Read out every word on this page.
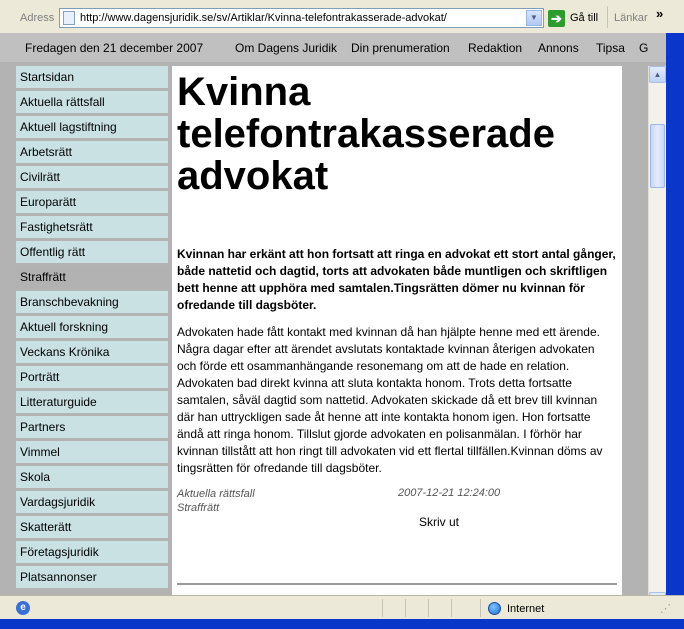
Adress http://www.dagensjuridik.se/sv/Artiklar/Kvinna-telefontrakasserade-advokat/	▼	➔ Gå till Länkar »
Fredagen den 21 december 2007	Om Dagens Juridik Din prenumeration Redaktion Annons Tipsa G
Startsidan
Aktuella rättsfall
Aktuell lagstiftning
Arbetsrätt
Civilrätt
Europarätt
Fastighetsrätt
Offentlig rätt
Straffrätt
Branschbevakning
Aktuell forskning
Veckans Krönika
Porträtt
Litteraturguide
Partners
Vimmel
Skola
Vardagsjuridik
Skatterätt
Företagsjuridik
Platsannonser
Kvinna telefontrakasserade advokat

Kvinnan har erkänt att hon fortsatt att ringa en advokat ett stort antal gånger, både nattetid och dagtid, torts att advokaten både muntligen och skriftligen bett henne att upphöra med samtalen.Tingsrätten dömer nu kvinnan för ofredande till dagsböter.

Advokaten hade fått kontakt med kvinnan då han hjälpte henne med ett ärende. Några dagar efter att ärendet avslutats kontaktade kvinnan återigen advokaten och förde ett osammanhängande resonemang om att de hade en relation. Advokaten bad direkt kvinna att sluta kontakta honom. Trots detta fortsatte samtalen, såväl dagtid som nattetid. Advokaten skickade då ett brev till kvinnan där han uttryckligen sade åt henne att inte kontakta honom igen. Hon fortsatte ändå att ringa honom. Tillslut gjorde advokaten en polisanmälan. I förhör har kvinnan tillstått att hon ringt till advokaten vid ett flertal tillfällen.Kvinnan döms av tingsrätten för ofredande till dagsböter.

Aktuella rättsfall
Straffrätt
2007-12-21 12:24:00
Skriv ut
▲
e	Internet	⋰
